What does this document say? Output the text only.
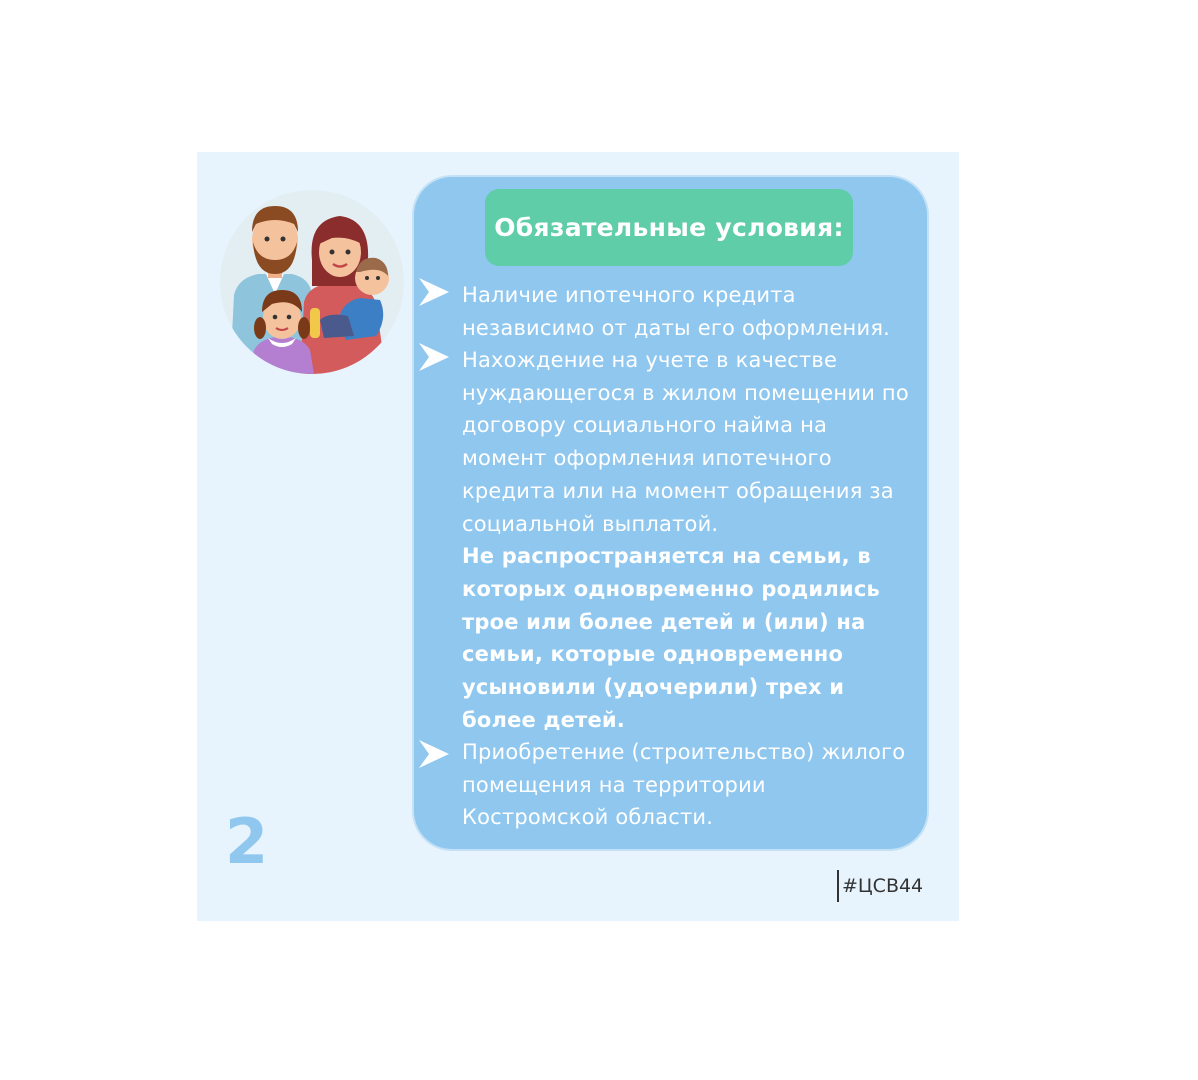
Обязательные условия:
Наличие ипотечного кредита независимо от даты его оформления.
Нахождение на учете в качестве нуждающегося в жилом помещении по договору социального найма на момент оформления ипотечного кредита или на момент обращения за социальной выплатой.
Не распространяется на семьи, в которых одновременно родились трое или более детей и (или) на семьи, которые одновременно усыновили (удочерили) трех и более детей.
Приобретение (строительство) жилого помещения на территории Костромской области.
2
#ЦСВ44
